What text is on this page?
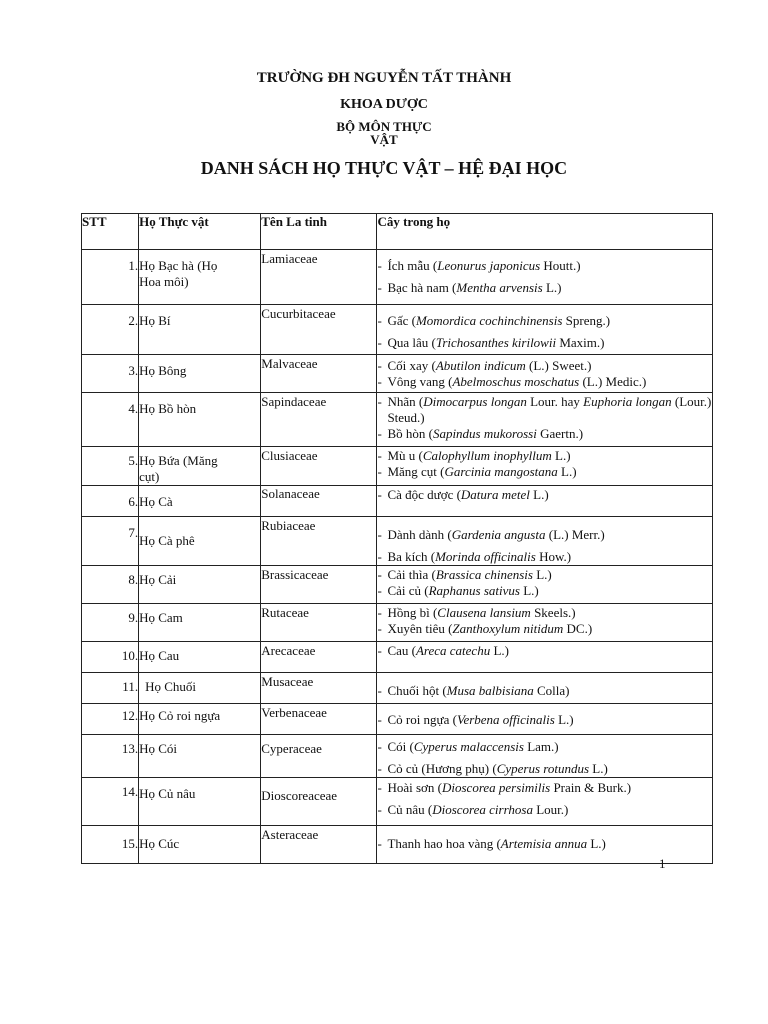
TRƯỜNG ĐH NGUYỄN TẤT THÀNH
KHOA DƯỢC
BỘ MÔN THỰC
VẬT
DANH SÁCH HỌ THỰC VẬT – HỆ ĐẠI HỌC
STT	Họ Thực vật	Tên La tinh	Cây trong họ
1.	Họ Bạc hà (Họ Hoa môi)	Lamiaceae	- Ích mẫu (Leonurus japonicus Houtt.)
- Bạc hà nam (Mentha arvensis L.)

2.	Họ Bí	Cucurbitaceae	- Gấc (Momordica cochinchinensis Spreng.)
- Qua lâu (Trichosanthes kirilowii Maxim.)

3.	Họ Bông	Malvaceae	- Cối xay (Abutilon indicum (L.) Sweet.)
- Vông vang (Abelmoschus moschatus (L.) Medic.)

4.	Họ Bồ hòn	Sapindaceae	- Nhãn (Dimocarpus longan Lour. hay Euphoria longan (Lour.) Steud.)
- Bồ hòn (Sapindus mukorossi Gaertn.)

5.	Họ Bứa (Măng cụt)	Clusiaceae	- Mù u (Calophyllum inophyllum L.)
- Măng cụt (Garcinia mangostana L.)

6.	Họ Cà	Solanaceae	- Cà độc dược (Datura metel L.)

7.	Họ Cà phê	Rubiaceae	- Dành dành (Gardenia angusta (L.) Merr.)
- Ba kích (Morinda officinalis How.)

8.	Họ Cải	Brassicaceae	- Cải thìa (Brassica chinensis L.)
- Cải củ (Raphanus sativus L.)

9.	Họ Cam	Rutaceae	- Hồng bì (Clausena lansium Skeels.)
- Xuyên tiêu (Zanthoxylum nitidum DC.)

10.	Họ Cau	Arecaceae	- Cau (Areca catechu L.)

11.	Họ Chuối	Musaceae	- Chuối hột (Musa balbisiana Colla)

12.	Họ Cỏ roi ngựa	Verbenaceae	- Cỏ roi ngựa (Verbena officinalis L.)

13.	Họ Cói	Cyperaceae	- Cói (Cyperus malaccensis Lam.)
- Cỏ củ (Hương phụ) (Cyperus rotundus L.)

14.	Họ Củ nâu	Dioscoreaceae	- Hoài sơn (Dioscorea persimilis Prain & Burk.)
- Củ nâu (Dioscorea cirrhosa Lour.)

15.	Họ Cúc	Asteraceae	- Thanh hao hoa vàng (Artemisia annua L.)
1
